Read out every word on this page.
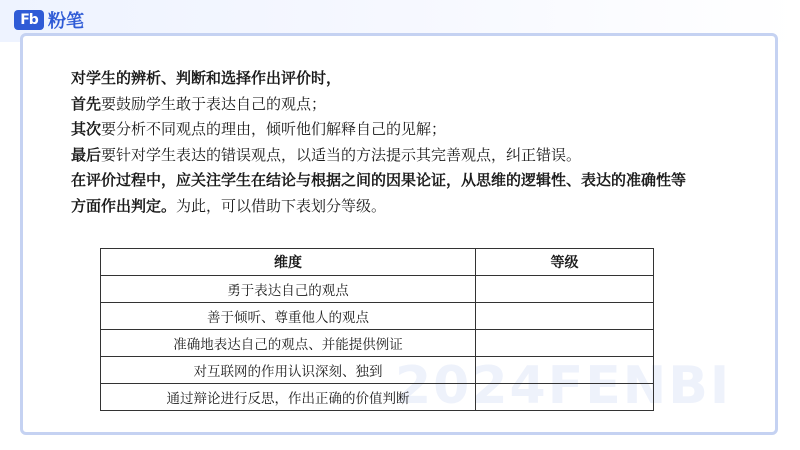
Fb 粉笔
2024FENBI
对学生的辨析、判断和选择作出评价时，
首先要鼓励学生敢于表达自己的观点；
其次要分析不同观点的理由，倾听他们解释自己的见解；
最后要针对学生表达的错误观点，以适当的方法提示其完善观点，纠正错误。
在评价过程中，应关注学生在结论与根据之间的因果论证，从思维的逻辑性、表达的准确性等
方面作出判定。为此，可以借助下表划分等级。
维度	等级
勇于表达自己的观点	
善于倾听、尊重他人的观点	
准确地表达自己的观点、并能提供例证	
对互联网的作用认识深刻、独到	
通过辩论进行反思，作出正确的价值判断	
